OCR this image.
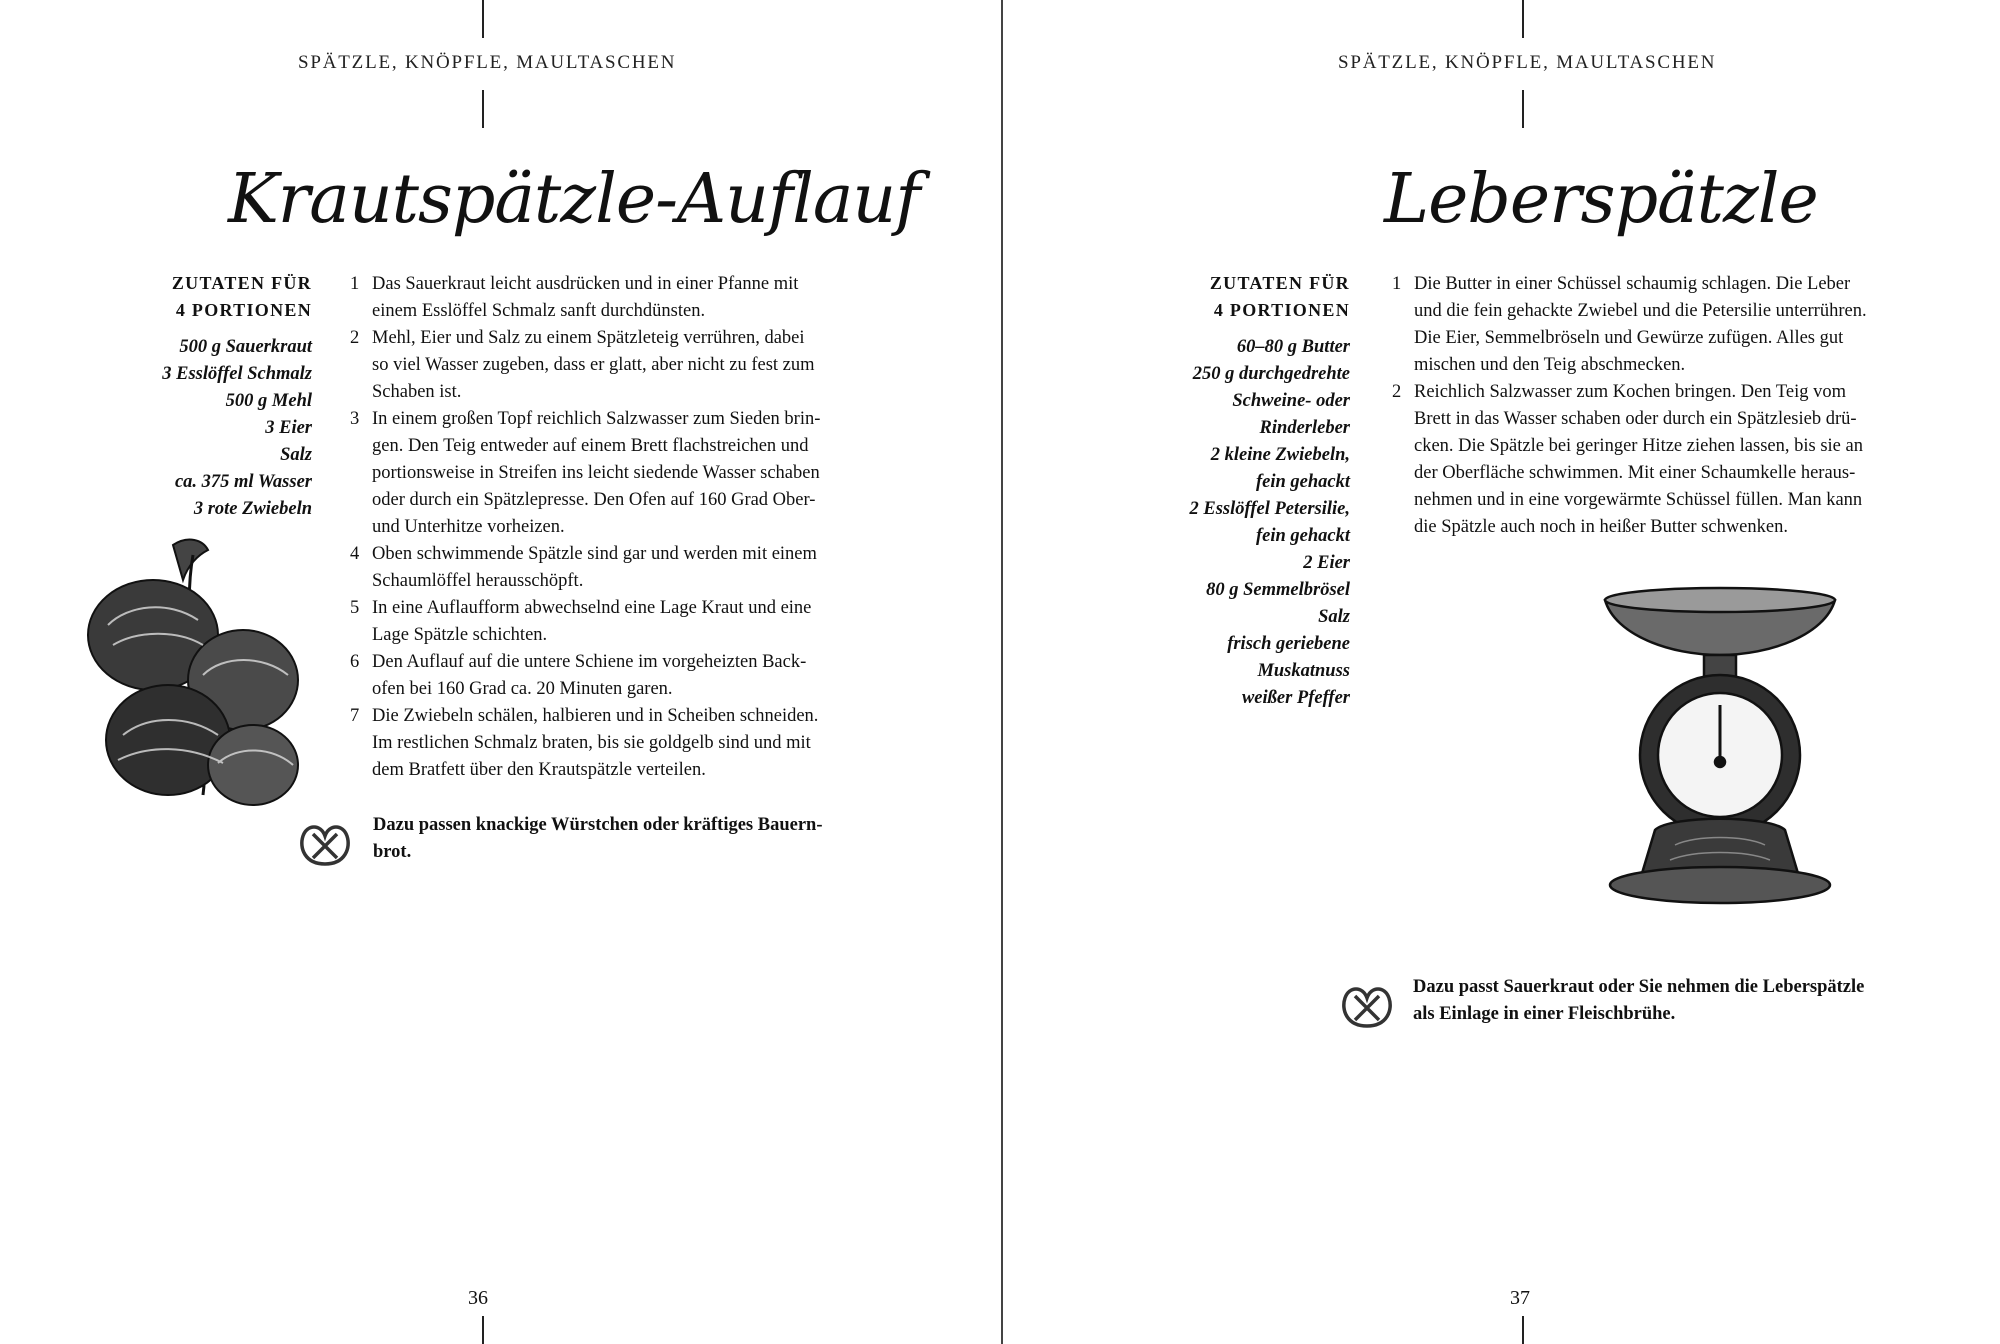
SPÄTZLE, KNÖPFLE, MAULTASCHEN
Krautspätzle-Auflauf
ZUTATEN FÜR
4 PORTIONEN
500 g Sauerkraut
3 Esslöffel Schmalz
500 g Mehl
3 Eier
Salz
ca. 375 ml Wasser
3 rote Zwiebeln
1 Das Sauerkraut leicht ausdrücken und in einer Pfanne mit
einem Esslöffel Schmalz sanft durchdünsten.
2 Mehl, Eier und Salz zu einem Spätzleteig verrühren, dabei
so viel Wasser zugeben, dass er glatt, aber nicht zu fest zum
Schaben ist.
3 In einem großen Topf reichlich Salzwasser zum Sieden brin-
gen. Den Teig entweder auf einem Brett flachstreichen und
portionsweise in Streifen ins leicht siedende Wasser schaben
oder durch ein Spätzlepresse. Den Ofen auf 160 Grad Ober-
und Unterhitze vorheizen.
4 Oben schwimmende Spätzle sind gar und werden mit einem
Schaumlöffel herausschöpft.
5 In eine Auflaufform abwechselnd eine Lage Kraut und eine
Lage Spätzle schichten.
6 Den Auflauf auf die untere Schiene im vorgeheizten Back-
ofen bei 160 Grad ca. 20 Minuten garen.
7 Die Zwiebeln schälen, halbieren und in Scheiben schneiden.
Im restlichen Schmalz braten, bis sie goldgelb sind und mit
dem Bratfett über den Krautspätzle verteilen.
Dazu passen knackige Würstchen oder kräftiges Bauern-
brot.
36
SPÄTZLE, KNÖPFLE, MAULTASCHEN
Leberspätzle
ZUTATEN FÜR
4 PORTIONEN
60–80 g Butter
250 g durchgedrehte
Schweine- oder
Rinderleber
2 kleine Zwiebeln,
fein gehackt
2 Esslöffel Petersilie,
fein gehackt
2 Eier
80 g Semmelbrösel
Salz
frisch geriebene
Muskatnuss
weißer Pfeffer
1 Die Butter in einer Schüssel schaumig schlagen. Die Leber
und die fein gehackte Zwiebel und die Petersilie unterrühren.
Die Eier, Semmelbröseln und Gewürze zufügen. Alles gut
mischen und den Teig abschmecken.
2 Reichlich Salzwasser zum Kochen bringen. Den Teig vom
Brett in das Wasser schaben oder durch ein Spätzlesieb drü-
cken. Die Spätzle bei geringer Hitze ziehen lassen, bis sie an
der Oberfläche schwimmen. Mit einer Schaumkelle heraus-
nehmen und in eine vorgewärmte Schüssel füllen. Man kann
die Spätzle auch noch in heißer Butter schwenken.
Dazu passt Sauerkraut oder Sie nehmen die Leberspätzle
als Einlage in einer Fleischbrühe.
37
